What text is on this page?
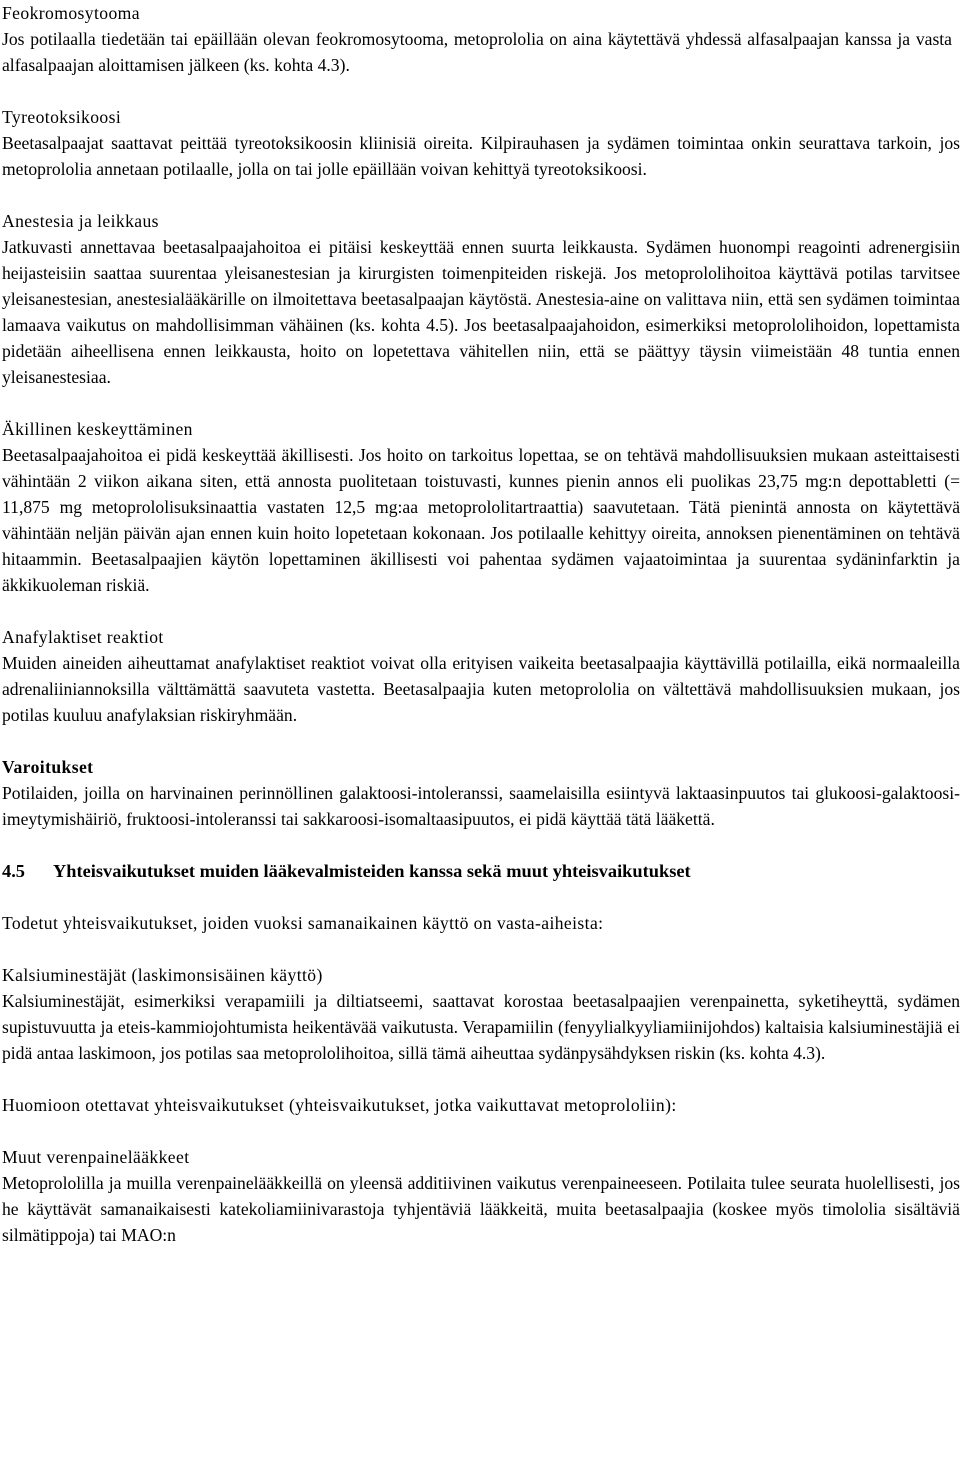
Feokromosytooma
Jos potilaalla tiedetään tai epäillään olevan feokromosytooma, metoprololia on aina käytettävä yhdessä alfasalpaajan kanssa ja vasta alfasalpaajan aloittamisen jälkeen (ks. kohta 4.3).
Tyreotoksikoosi
Beetasalpaajat saattavat peittää tyreotoksikoosin kliinisiä oireita. Kilpirauhasen ja sydämen toimintaa onkin seurattava tarkoin, jos metoprololia annetaan potilaalle, jolla on tai jolle epäillään voivan kehittyä tyreotoksikoosi.
Anestesia ja leikkaus
Jatkuvasti annettavaa beetasalpaajahoitoa ei pitäisi keskeyttää ennen suurta leikkausta. Sydämen huonompi reagointi adrenergisiin heijasteisiin saattaa suurentaa yleisanestesian ja kirurgisten toimenpiteiden riskejä. Jos metoprololihoitoa käyttävä potilas tarvitsee yleisanestesian, anestesialääkärille on ilmoitettava beetasalpaajan käytöstä. Anestesia-aine on valittava niin, että sen sydämen toimintaa lamaava vaikutus on mahdollisimman vähäinen (ks. kohta 4.5). Jos beetasalpaajahoidon, esimerkiksi metoprololihoidon, lopettamista pidetään aiheellisena ennen leikkausta, hoito on lopetettava vähitellen niin, että se päättyy täysin viimeistään 48 tuntia ennen yleisanestesiaa.
Äkillinen keskeyttäminen
Beetasalpaajahoitoa ei pidä keskeyttää äkillisesti. Jos hoito on tarkoitus lopettaa, se on tehtävä mahdollisuuksien mukaan asteittaisesti vähintään 2 viikon aikana siten, että annosta puolitetaan toistuvasti, kunnes pienin annos eli puolikas 23,75 mg:n depottabletti (= 11,875 mg metoprololisuksinaattia vastaten 12,5 mg:aa metoprololitartraattia) saavutetaan. Tätä pienintä annosta on käytettävä vähintään neljän päivän ajan ennen kuin hoito lopetetaan kokonaan. Jos potilaalle kehittyy oireita, annoksen pienentäminen on tehtävä hitaammin. Beetasalpaajien käytön lopettaminen äkillisesti voi pahentaa sydämen vajaatoimintaa ja suurentaa sydäninfarktin ja äkkikuoleman riskiä.
Anafylaktiset reaktiot
Muiden aineiden aiheuttamat anafylaktiset reaktiot voivat olla erityisen vaikeita beetasalpaajia käyttävillä potilailla, eikä normaaleilla adrenaliiniannoksilla välttämättä saavuteta vastetta. Beetasalpaajia kuten metoprololia on vältettävä mahdollisuuksien mukaan, jos potilas kuuluu anafylaksian riskiryhmään.
Varoitukset
Potilaiden, joilla on harvinainen perinnöllinen galaktoosi-intoleranssi, saamelaisilla esiintyvä laktaasinpuutos tai glukoosi-galaktoosi-imeytymishäiriö, fruktoosi-intoleranssi tai sakkaroosi-isomaltaasipuutos, ei pidä käyttää tätä lääkettä.
4.5 Yhteisvaikutukset muiden lääkevalmisteiden kanssa sekä muut yhteisvaikutukset
Todetut yhteisvaikutukset, joiden vuoksi samanaikainen käyttö on vasta-aiheista:
Kalsiuminestäjät (laskimonsisäinen käyttö)
Kalsiuminestäjät, esimerkiksi verapamiili ja diltiatseemi, saattavat korostaa beetasalpaajien verenpainetta, syketiheyttä, sydämen supistuvuutta ja eteis-kammiojohtumista heikentävää vaikutusta. Verapamiilin (fenyylialkyyliamiinijohdos) kaltaisia kalsiuminestäjiä ei pidä antaa laskimoon, jos potilas saa metoprololihoitoa, sillä tämä aiheuttaa sydänpysähdyksen riskin (ks. kohta 4.3).
Huomioon otettavat yhteisvaikutukset (yhteisvaikutukset, jotka vaikuttavat metoprololiin):
Muut verenpainelääkkeet
Metoprololilla ja muilla verenpainelääkkeillä on yleensä additiivinen vaikutus verenpaineeseen. Potilaita tulee seurata huolellisesti, jos he käyttävät samanaikaisesti katekoliamiinivarastoja tyhjentäviä lääkkeitä, muita beetasalpaajia (koskee myös timololia sisältäviä silmätippoja) tai MAO:n
